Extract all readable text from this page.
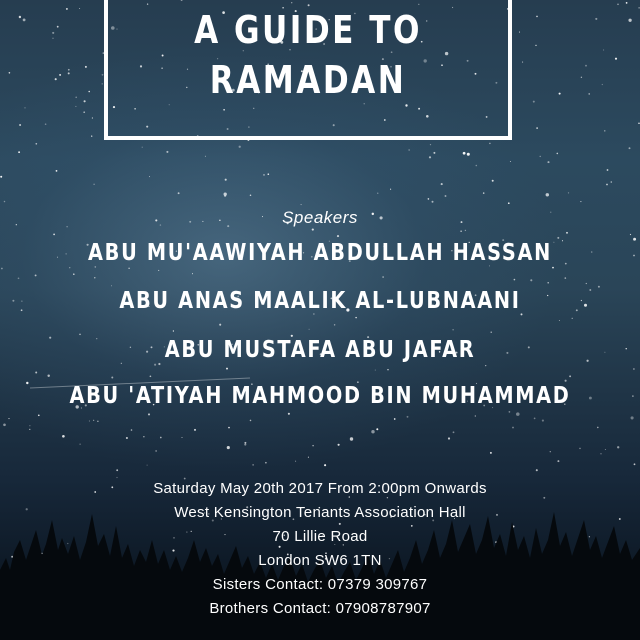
A GUIDE TO
RAMADAN
Speakers
ABU MU'AAWIYAH ABDULLAH HASSAN
ABU ANAS MAALIK AL-LUBNAANI
ABU MUSTAFA ABU JAFAR
ABU 'ATIYAH MAHMOOD BIN MUHAMMAD
Saturday May 20th 2017 From 2:00pm Onwards
West Kensington Tenants Association Hall
70 Lillie Road
London SW6 1TN
Sisters Contact: 07379 309767
Brothers Contact: 07908787907
